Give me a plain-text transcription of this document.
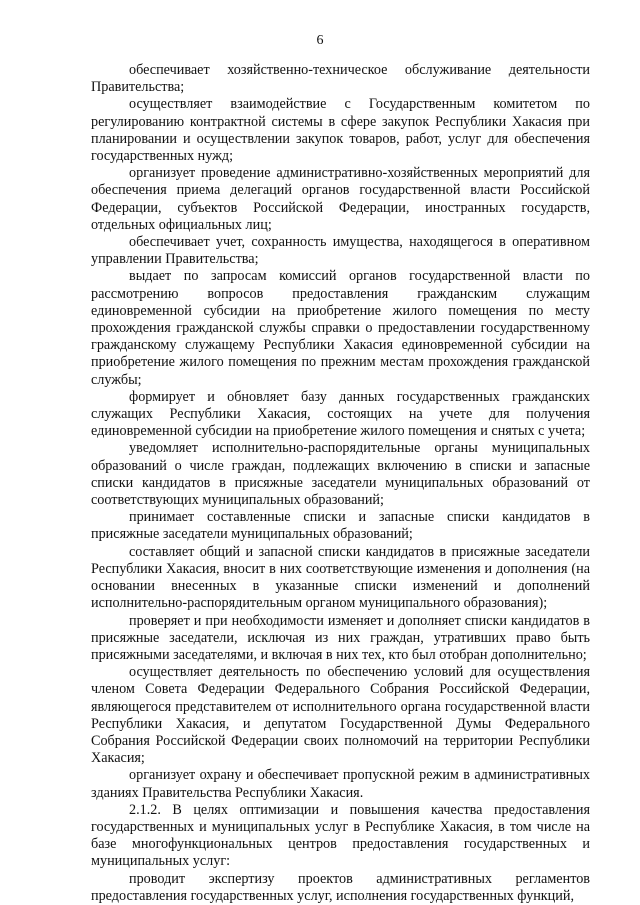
6

обеспечивает хозяйственно-техническое обслуживание деятельности Правительства;

осуществляет взаимодействие с Государственным комитетом по регулированию контрактной системы в сфере закупок Республики Хакасия при планировании и осуществлении закупок товаров, работ, услуг для обеспечения государственных нужд;

организует проведение административно-хозяйственных мероприятий для обеспечения приема делегаций органов государственной власти Российской Федерации, субъектов Российской Федерации, иностранных государств, отдельных официальных лиц;

обеспечивает учет, сохранность имущества, находящегося в оперативном управлении Правительства;

выдает по запросам комиссий органов государственной власти по рассмотрению вопросов предоставления гражданским служащим единовременной субсидии на приобретение жилого помещения по месту прохождения гражданской службы справки о предоставлении государственному гражданскому служащему Республики Хакасия единовременной субсидии на приобретение жилого помещения по прежним местам прохождения гражданской службы;

формирует и обновляет базу данных государственных гражданских служащих Республики Хакасия, состоящих на учете для получения единовременной субсидии на приобретение жилого помещения и снятых с учета;

уведомляет исполнительно-распорядительные органы муниципальных образований о числе граждан, подлежащих включению в списки и запасные списки кандидатов в присяжные заседатели муниципальных образований от соответствующих муниципальных образований;

принимает составленные списки и запасные списки кандидатов в присяжные заседатели муниципальных образований;

составляет общий и запасной списки кандидатов в присяжные заседатели Республики Хакасия, вносит в них соответствующие изменения и дополнения (на основании внесенных в указанные списки изменений и дополнений исполнительно-распорядительным органом муниципального образования);

проверяет и при необходимости изменяет и дополняет списки кандидатов в присяжные заседатели, исключая из них граждан, утративших право быть присяжными заседателями, и включая в них тех, кто был отобран дополнительно;

осуществляет деятельность по обеспечению условий для осуществления членом Совета Федерации Федерального Собрания Российской Федерации, являющегося представителем от исполнительного органа государственной власти Республики Хакасия, и депутатом Государственной Думы Федерального Собрания Российской Федерации своих полномочий на территории Республики Хакасия;

организует охрану и обеспечивает пропускной режим в административных зданиях Правительства Республики Хакасия.

2.1.2. В целях оптимизации и повышения качества предоставления государственных и муниципальных услуг в Республике Хакасия, в том числе на базе многофункциональных центров предоставления государственных и муниципальных услуг:

проводит экспертизу проектов административных регламентов предоставления государственных услуг, исполнения государственных функций,
